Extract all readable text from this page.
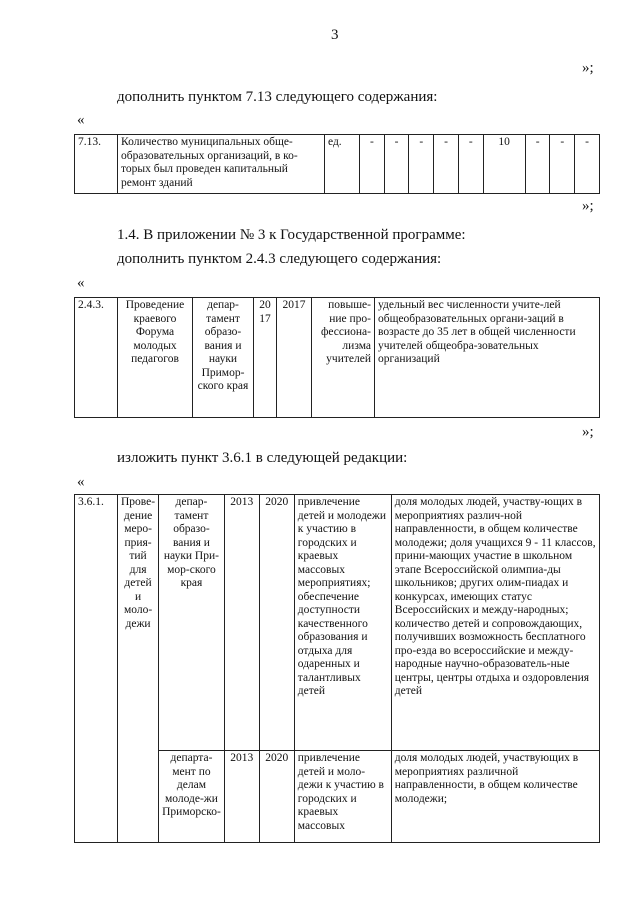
3
»;
дополнить пунктом 7.13 следующего содержания:
«
7.13.	Количество муниципальных обще-образовательных организаций, в ко-торых был проведен капитальный ремонт зданий	ед.	-	-	-	-	-	10	-	-	-
»;
1.4. В приложении № 3 к Государственной программе:
дополнить пунктом 2.4.3 следующего содержания:
«
2.4.3.	Проведение краевого Форума молодых педагогов	депар-тамент образо-вания и науки Примор-ского края	20 17	2017	повыше-ние про-фессиона-лизма учителей	удельный вес численности учите-лей общеобразовательных органи-заций в возрасте до 35 лет в общей численности учителей общеобра-зовательных организаций
»;
изложить пункт 3.6.1 в следующей редакции:
«
3.6.1.	Прове-дение меро-прия-тий для детей и моло-дежи	депар-тамент образо-вания и науки При-мор-ского края	2013	2020	привлечение детей и молодежи к участию в городских и краевых массовых мероприятиях; обеспечение доступности качественного образования и отдыха для одаренных и талантливых детей	доля молодых людей, участву-ющих в мероприятиях различ-ной направленности, в общем количестве молодежи; доля учащихся 9 - 11 классов, прини-мающих участие в школьном этапе Всероссийской олимпиа-ды школьников; других олим-пиадах и конкурсах, имеющих статус Всероссийских и между-народных; количество детей и сопровождающих, получивших возможность бесплатного про-езда во всероссийские и между-народные научно-образователь-ные центры, центры отдыха и оздоровления детей
		департа-мент по делам молоде-жи Приморско-	2013	2020	привлечение детей и моло-дежи к участию в городских и краевых массовых	доля молодых людей, участвующих в мероприятиях различной направленности, в общем количестве молодежи;
